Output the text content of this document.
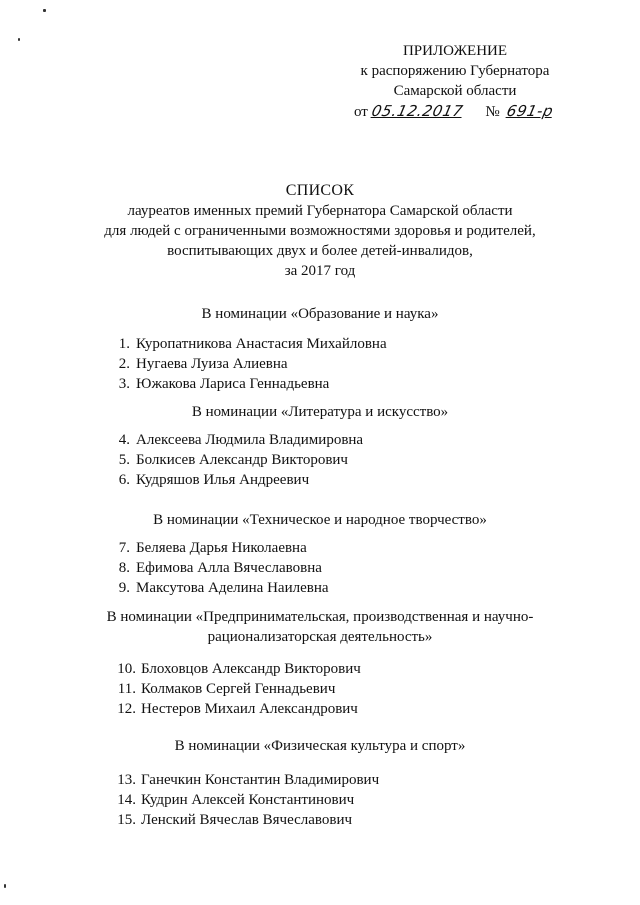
ПРИЛОЖЕНИЕ
к распоряжению Губернатора
Самарской области
от 05.12.2017 № 691-р
СПИСОК
лауреатов именных премий Губернатора Самарской области
для людей с ограниченными возможностями здоровья и родителей,
воспитывающих двух и более детей-инвалидов,
за 2017 год
В номинации «Образование и наука»
1. Куропатникова Анастасия Михайловна
2. Нугаева Луиза Алиевна
3. Южакова Лариса Геннадьевна
В номинации «Литература и искусство»
4. Алексеева Людмила Владимировна
5. Болкисев Александр Викторович
6. Кудряшов Илья Андреевич
В номинации «Техническое и народное творчество»
7. Беляева Дарья Николаевна
8. Ефимова Алла Вячеславовна
9. Максутова Аделина Наилевна
В номинации «Предпринимательская, производственная и научно-
рационализаторская деятельность»
10. Блоховцов Александр Викторович
11. Колмаков Сергей Геннадьевич
12. Нестеров Михаил Александрович
В номинации «Физическая культура и спорт»
13. Ганечкин Константин Владимирович
14. Кудрин Алексей Константинович
15. Ленский Вячеслав Вячеславович
